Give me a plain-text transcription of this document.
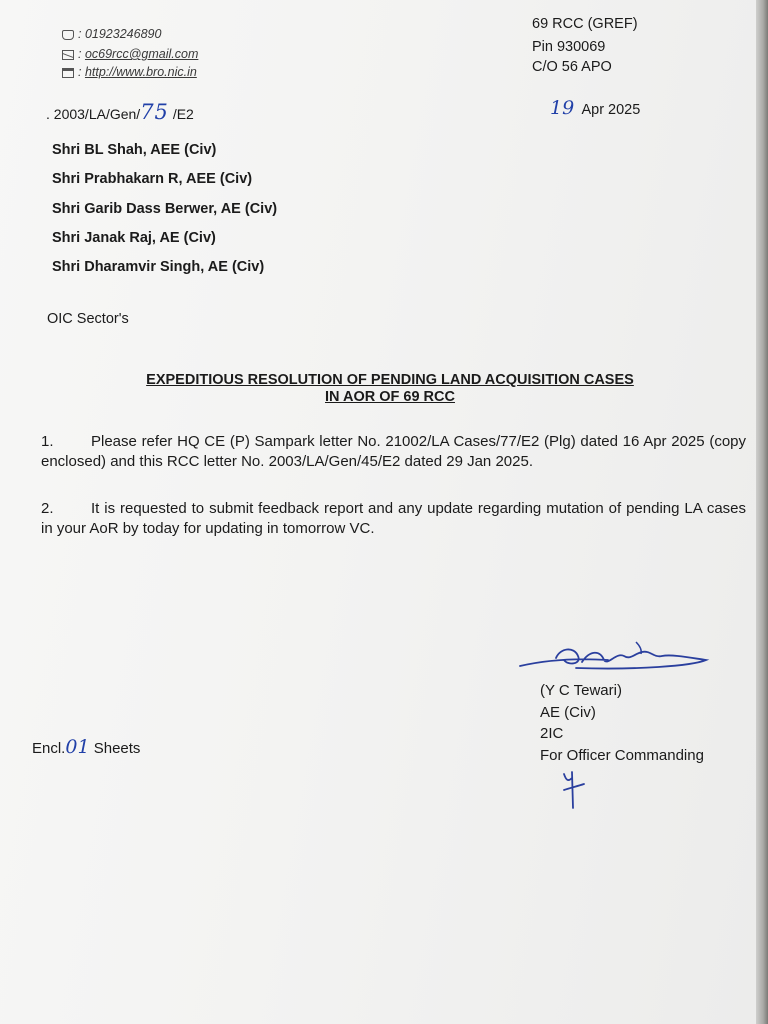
: 01923246890
: oc69rcc@gmail.com
: http://www.bro.nic.in
69 RCC (GREF)
Pin 930069
C/O 56 APO
. 2003/LA/Gen/75 /E2	19 Apr 2025
Shri BL Shah, AEE (Civ)
Shri Prabhakarn R, AEE (Civ)
Shri Garib Dass Berwer, AE (Civ)
Shri Janak Raj, AE (Civ)
Shri Dharamvir Singh, AE (Civ)
OIC Sector's
EXPEDITIOUS RESOLUTION OF PENDING LAND ACQUISITION CASES
IN AOR OF 69 RCC
1. Please refer HQ CE (P) Sampark letter No. 21002/LA Cases/77/E2 (Plg) dated 16 Apr 2025 (copy enclosed) and this RCC letter No. 2003/LA/Gen/45/E2 dated 29 Jan 2025.
2. It is requested to submit feedback report and any update regarding mutation of pending LA cases in your AoR by today for updating in tomorrow VC.
(Y C Tewari)
AE (Civ)
2IC
For Officer Commanding
Encl.01 Sheets
